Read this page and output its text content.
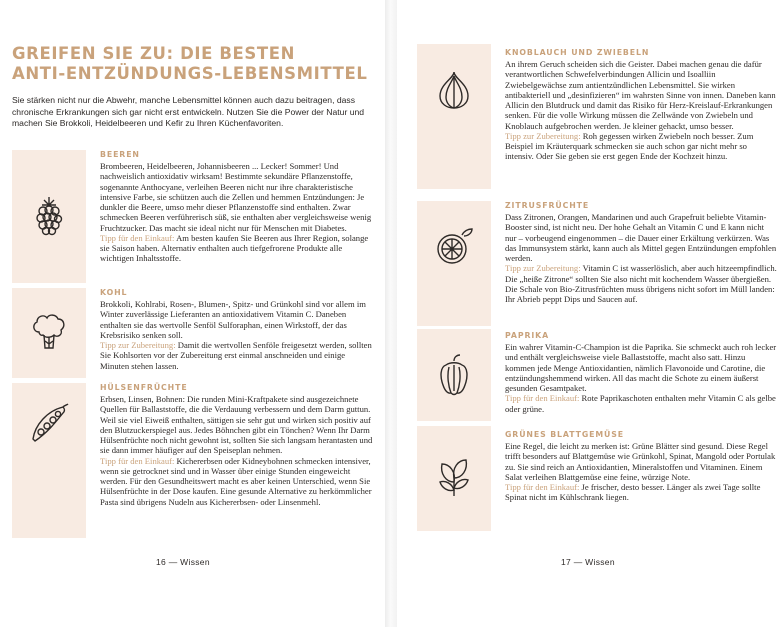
GREIFEN SIE ZU: DIE BESTEN
ANTI-ENTZÜNDUNGS-LEBENSMITTEL

Sie stärken nicht nur die Abwehr, manche Lebensmittel können auch dazu beitragen, dass chronische Erkrankungen sich gar nicht erst entwickeln. Nutzen Sie die Power der Natur und machen Sie Brokkoli, Heidelbeeren und Kefir zu Ihren Küchenfavoriten.

BEEREN
Brombeeren, Heidelbeeren, Johannisbeeren ... Lecker! Sommer! Und nachweislich antioxidativ wirksam! Bestimmte sekundäre Pflanzenstoffe, sogenannte Anthocyane, verleihen Beeren nicht nur ihre charakteristische intensive Farbe, sie schützen auch die Zellen und hemmen Entzündungen: Je dunkler die Beere, umso mehr dieser Pflanzenstoffe sind enthalten. Zwar schmecken Beeren verführerisch süß, sie enthalten aber vergleichsweise wenig Fruchtzucker. Das macht sie ideal nicht nur für Menschen mit Diabetes.
Tipp für den Einkauf: Am besten kaufen Sie Beeren aus Ihrer Region, solange sie Saison haben. Alternativ enthalten auch tiefgefrorene Produkte alle wichtigen Inhaltsstoffe.
KOHL
Brokkoli, Kohlrabi, Rosen-, Blumen-, Spitz- und Grünkohl sind vor allem im Winter zuverlässige Lieferanten an antioxidativem Vitamin C. Daneben enthalten sie das wertvolle Senföl Sulforaphan, einen Wirkstoff, der das Krebsrisiko senken soll.
Tipp zur Zubereitung: Damit die wertvollen Senföle freigesetzt werden, sollten Sie Kohlsorten vor der Zubereitung erst einmal anschneiden und einige Minuten stehen lassen.
HÜLSENFRÜCHTE
Erbsen, Linsen, Bohnen: Die runden Mini-Kraftpakete sind ausgezeichnete Quellen für Ballaststoffe, die die Verdauung verbessern und dem Darm guttun. Weil sie viel Eiweiß enthalten, sättigen sie sehr gut und wirken sich positiv auf den Blutzuckerspiegel aus. Jedes Böhnchen gibt ein Tönchen? Wenn Ihr Darm Hülsenfrüchte noch nicht gewohnt ist, sollten Sie sich langsam herantasten und sie dann immer häufiger auf den Speiseplan nehmen.
Tipp für den Einkauf: Kichererbsen oder Kidneybohnen schmecken intensiver, wenn sie getrocknet sind und in Wasser über einige Stunden eingeweicht werden. Für den Gesundheitswert macht es aber keinen Unterschied, wenn Sie Hülsenfrüchte in der Dose kaufen. Eine gesunde Alternative zu herkömmlicher Pasta sind übrigens Nudeln aus Kichererbsen- oder Linsenmehl.
16 — Wissen
KNOBLAUCH UND ZWIEBELN
An ihrem Geruch scheiden sich die Geister. Dabei machen genau die dafür verantwortlichen Schwefelverbindungen Allicin und Isoalliin Zwiebelgewächse zum antientzündlichen Lebensmittel. Sie wirken antibakteriell und „desinfizieren“ im wahrsten Sinne von innen. Daneben kann Allicin den Blutdruck und damit das Risiko für Herz-Kreislauf-Erkrankungen senken. Für die volle Wirkung müssen die Zellwände von Zwiebeln und Knoblauch aufgebrochen werden. Je kleiner gehackt, umso besser.
Tipp zur Zubereitung: Roh gegessen wirken Zwiebeln noch besser. Zum Beispiel im Kräuterquark schmecken sie auch schon gar nicht mehr so intensiv. Oder Sie geben sie erst gegen Ende der Kochzeit hinzu.
ZITRUSFRÜCHTE
Dass Zitronen, Orangen, Mandarinen und auch Grapefruit beliebte Vitamin-Booster sind, ist nicht neu. Der hohe Gehalt an Vitamin C und E kann nicht nur – vorbeugend eingenommen – die Dauer einer Erkältung verkürzen. Was das Immunsystem stärkt, kann auch als Mittel gegen Entzündungen empfohlen werden.
Tipp zur Zubereitung: Vitamin C ist wasserlöslich, aber auch hitzeempfindlich. Die „heiße Zitrone“ sollten Sie also nicht mit kochendem Wasser übergießen. Die Schale von Bio-Zitrusfrüchten muss übrigens nicht sofort im Müll landen: Ihr Abrieb peppt Dips und Saucen auf.
PAPRIKA
Ein wahrer Vitamin-C-Champion ist die Paprika. Sie schmeckt auch roh lecker und enthält vergleichsweise viele Ballaststoffe, macht also satt. Hinzu kommen jede Menge Antioxidantien, nämlich Flavonoide und Carotine, die entzündungshemmend wirken. All das macht die Schote zu einem äußerst gesunden Gesamtpaket.
Tipp für den Einkauf: Rote Paprikaschoten enthalten mehr Vitamin C als gelbe oder grüne.
GRÜNES BLATTGEMÜSE
Eine Regel, die leicht zu merken ist: Grüne Blätter sind gesund. Diese Regel trifft besonders auf Blattgemüse wie Grünkohl, Spinat, Mangold oder Portulak zu. Sie sind reich an Antioxidantien, Mineralstoffen und Vitaminen. Einem Salat verleihen Blattgemüse eine feine, würzige Note.
Tipp für den Einkauf: Je frischer, desto besser. Länger als zwei Tage sollte Spinat nicht im Kühlschrank liegen.
17 — Wissen
